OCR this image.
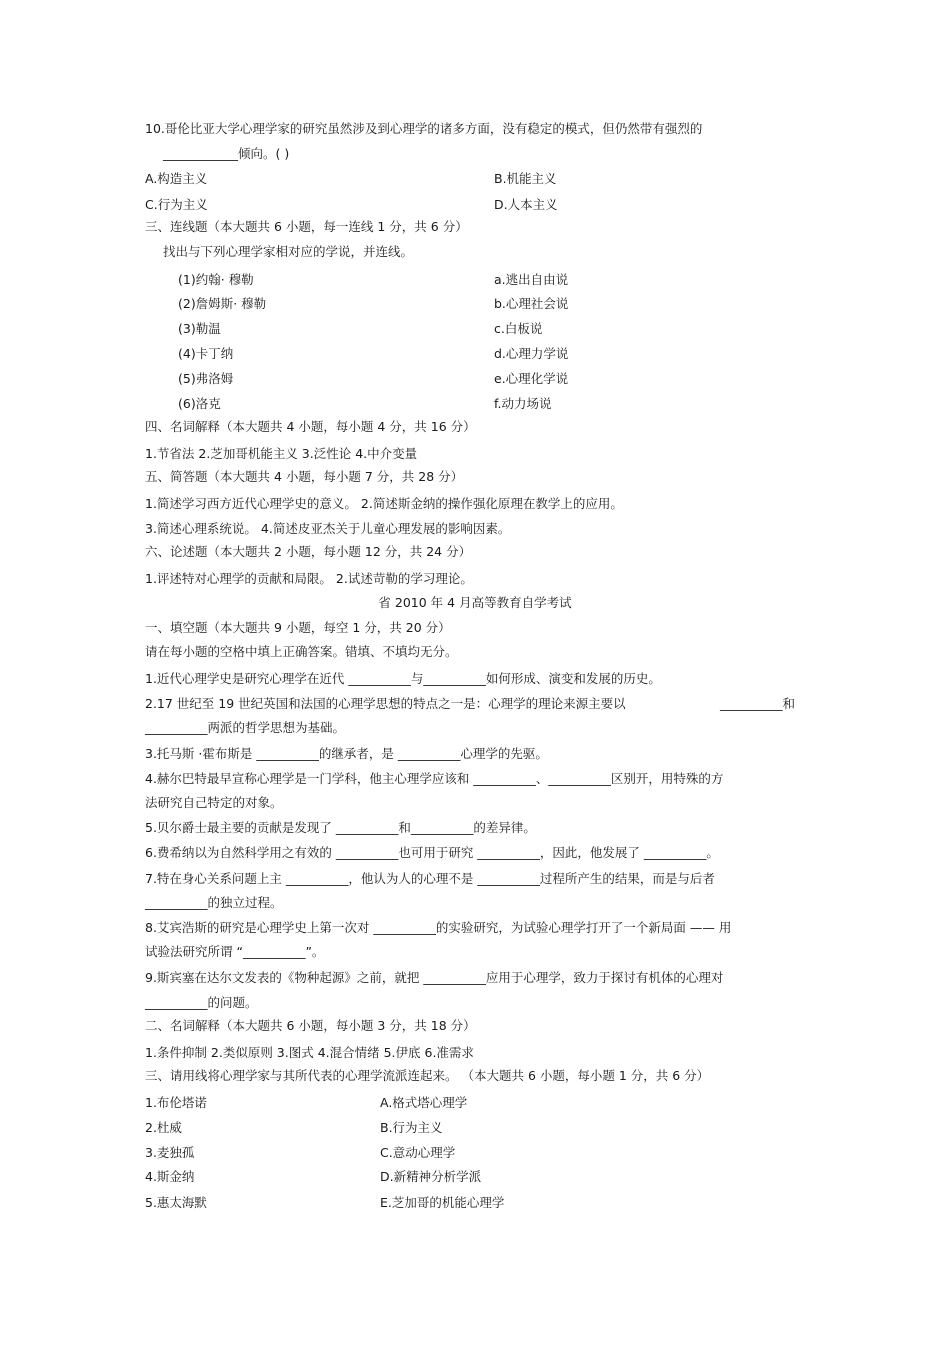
10.哥伦比亚大学心理学家的研究虽然涉及到心理学的诸多方面，没有稳定的模式，但仍然带有强烈的
____________倾向。( )
A.构造主义	B.机能主义
C.行为主义	D.人本主义
三、连线题（本大题共 6 小题，每一连线 1 分，共 6 分）
找出与下列心理学家相对应的学说，并连线。
(1)约翰· 穆勒	a.逃出自由说
(2)詹姆斯· 穆勒	b.心理社会说
(3)勒温	c.白板说
(4)卡丁纳	d.心理力学说
(5)弗洛姆	e.心理化学说
(6)洛克	f.动力场说
四、名词解释（本大题共 4 小题，每小题 4 分，共 16 分）
1.节省法 2.芝加哥机能主义 3.泛性论 4.中介变量
五、简答题（本大题共 4 小题，每小题 7 分，共 28 分）
1.简述学习西方近代心理学史的意义。 2.简述斯金纳的操作强化原理在教学上的应用。
3.简述心理系统说。 4.简述皮亚杰关于儿童心理发展的影响因素。
六、论述题（本大题共 2 小题，每小题 12 分，共 24 分）
1.评述特对心理学的贡献和局限。 2.试述苛勒的学习理论。
省 2010 年 4 月高等教育自学考试
一、填空题（本大题共 9 小题，每空 1 分，共 20 分）
请在每小题的空格中填上正确答案。错填、不填均无分。
1.近代心理学史是研究心理学在近代 __________与__________如何形成、演变和发展的历史。
2.17 世纪至 19 世纪英国和法国的心理学思想的特点之一是：心理学的理论来源主要以	__________和
__________两派的哲学思想为基础。
3.托马斯 ·霍布斯是 __________的继承者，是 __________心理学的先驱。
4.赫尔巴特最早宣称心理学是一门学科，他主心理学应该和 __________、__________区别开，用特殊的方
法研究自己特定的对象。
5.贝尔爵士最主要的贡献是发现了 __________和__________的差异律。
6.费希纳以为自然科学用之有效的 __________也可用于研究 __________，因此，他发展了 __________。
7.特在身心关系问题上主 __________，他认为人的心理不是 __________过程所产生的结果，而是与后者
__________的独立过程。
8.艾宾浩斯的研究是心理学史上第一次对 __________的实验研究，为试验心理学打开了一个新局面 —— 用
试验法研究所谓 “__________”。
9.斯宾塞在达尔文发表的《物种起源》之前，就把 __________应用于心理学，致力于探讨有机体的心理对
__________的问题。
二、名词解释（本大题共 6 小题，每小题 3 分，共 18 分）
1.条件抑制 2.类似原则 3.图式 4.混合情绪 5.伊底 6.准需求
三、请用线将心理学家与其所代表的心理学流派连起来。 （本大题共 6 小题，每小题 1 分，共 6 分）
1.布伦塔诺	A.格式塔心理学
2.杜威	B.行为主义
3.麦独孤	C.意动心理学
4.斯金纳	D.新精神分析学派
5.惠太海默	E.芝加哥的机能心理学
